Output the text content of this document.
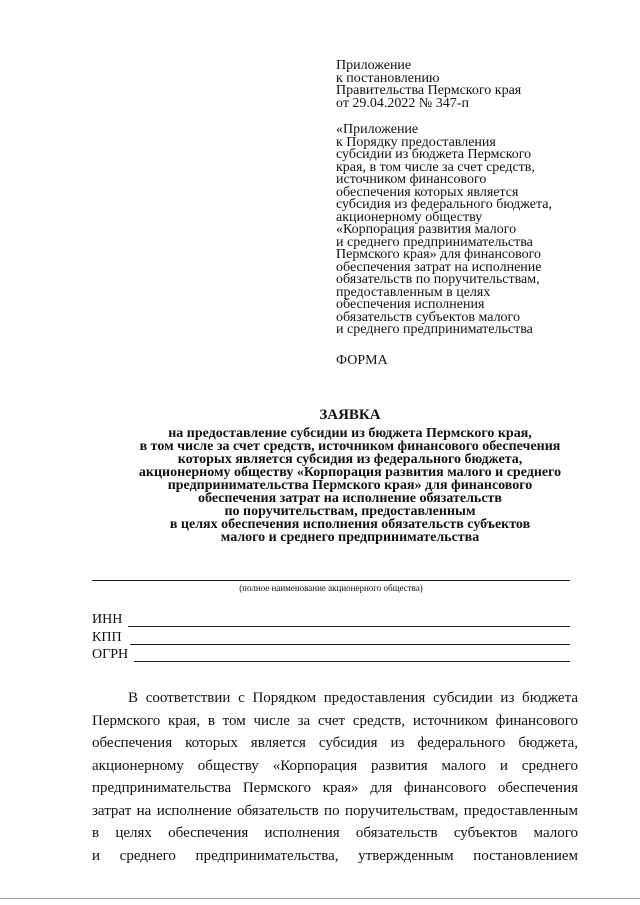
Приложение
к постановлению
Правительства Пермского края
от 29.04.2022 № 347-п
«Приложение
к Порядку предоставления
субсидии из бюджета Пермского
края, в том числе за счет средств,
источником финансового
обеспечения которых является
субсидия из федерального бюджета,
акционерному обществу
«Корпорация развития малого
и среднего предпринимательства
Пермского края» для финансового
обеспечения затрат на исполнение
обязательств по поручительствам,
предоставленным в целях
обеспечения исполнения
обязательств субъектов малого
и среднего предпринимательства
ФОРМА
ЗАЯВКА
на предоставление субсидии из бюджета Пермского края,
в том числе за счет средств, источником финансового обеспечения
которых является субсидия из федерального бюджета,
акционерному обществу «Корпорация развития малого и среднего
предпринимательства Пермского края» для финансового
обеспечения затрат на исполнение обязательств
по поручительствам, предоставленным
в целях обеспечения исполнения обязательств субъектов
малого и среднего предпринимательства
(полное наименование акционерного общества)
ИНН
КПП
ОГРН
В соответствии с Порядком предоставления субсидии из бюджета
Пермского края, в том числе за счет средств, источником финансового
обеспечения которых является субсидия из федерального бюджета,
акционерному обществу «Корпорация развития малого и среднего
предпринимательства Пермского края» для финансового обеспечения
затрат на исполнение обязательств по поручительствам, предоставленным
в целях обеспечения исполнения обязательств субъектов малого
и среднего предпринимательства, утвержденным постановлением
